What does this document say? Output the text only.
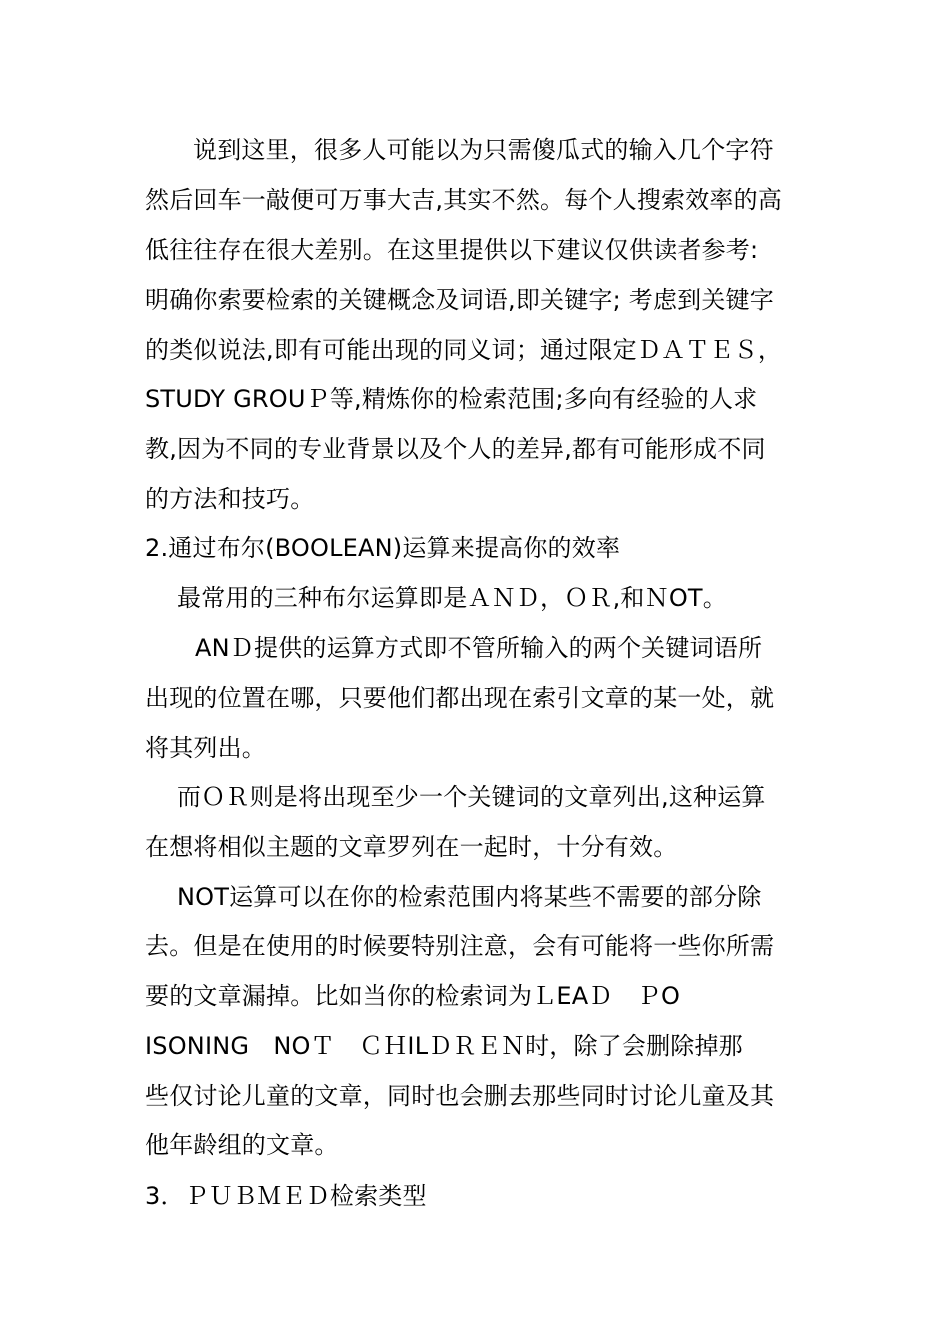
说到这里，很多人可能以为只需傻瓜式的输入几个字符
然后回车一敲便可万事大吉,其实不然。每个人搜索效率的高
低往往存在很大差别。在这里提供以下建议仅供读者参考:
明确你索要检索的关键概念及词语,即关键字; 考虑到关键字
的类似说法,即有可能出现的同义词；通过限定ＤＡＴＥＳ，
STUDY GROUＰ等,精炼你的检索范围;多向有经验的人求
教,因为不同的专业背景以及个人的差异,都有可能形成不同
的方法和技巧。
2.通过布尔(BOOLEAN)运算来提高你的效率
最常用的三种布尔运算即是ＡＮＤ，ＯＲ,和ＮOT。
ANＤ提供的运算方式即不管所输入的两个关键词语所
出现的位置在哪，只要他们都出现在索引文章的某一处，就
将其列出。
而ＯＲ则是将出现至少一个关键词的文章列出,这种运算
在想将相似主题的文章罗列在一起时，十分有效。
NOT运算可以在你的检索范围内将某些不需要的部分除
去。但是在使用的时候要特别注意，会有可能将一些你所需
要的文章漏掉。比如当你的检索词为ＬEAＤ　ＰO
ISONING　NOＴ　ＣＨILＤＲＥＮ时，除了会删除掉那
些仅讨论儿童的文章，同时也会删去那些同时讨论儿童及其
他年龄组的文章。
3．ＰＵＢＭＥＤ检索类型
